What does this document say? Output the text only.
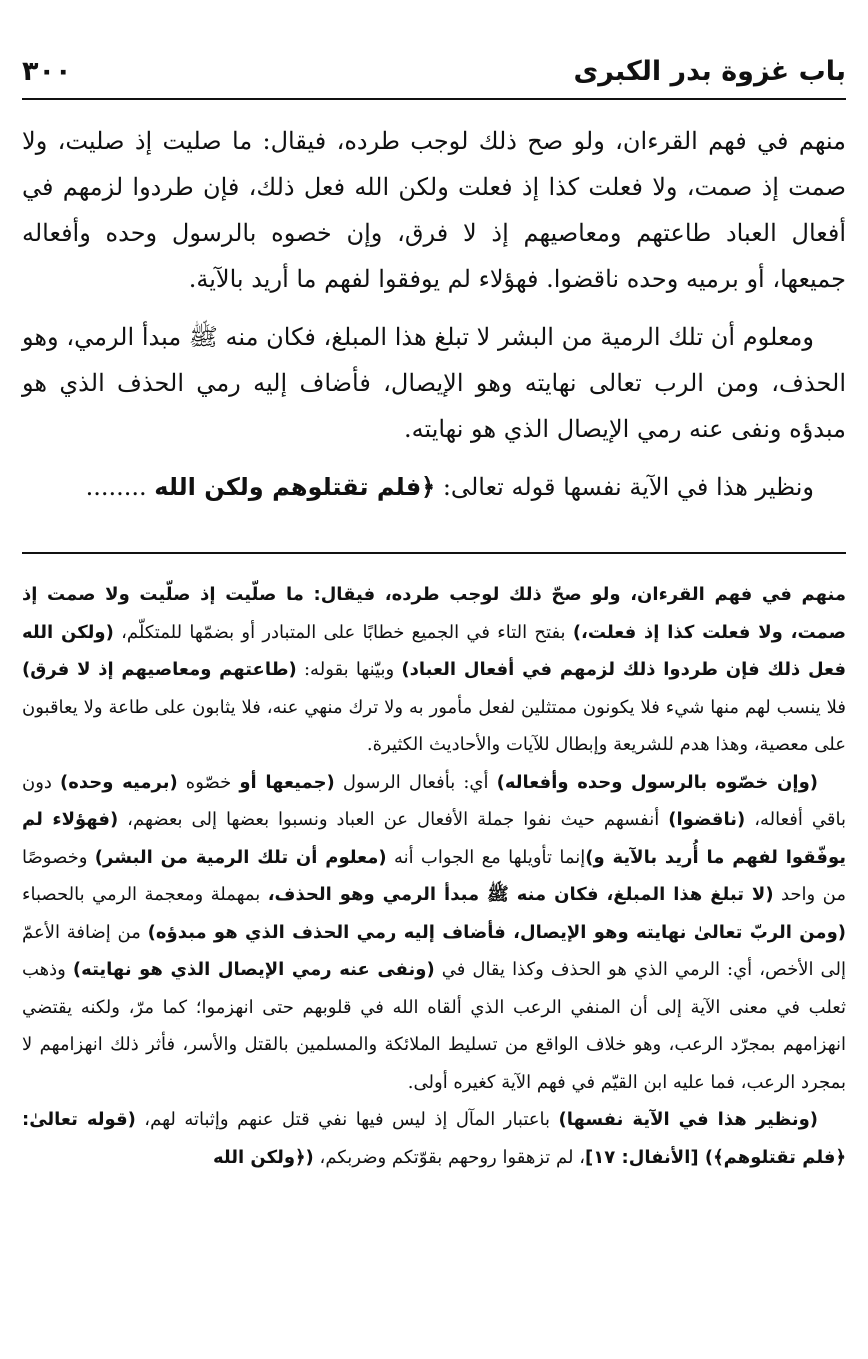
٣٠٠	باب غزوة بدر الكبرى

منهم في فهم القرءان، ولو صح ذلك لوجب طرده، فيقال: ما صليت إذ صليت، ولا صمت إذ صمت، ولا فعلت كذا إذ فعلت ولكن الله فعل ذلك، فإن طردوا لزمهم في أفعال العباد طاعتهم ومعاصيهم إذ لا فرق، وإن خصوه بالرسول وحده وأفعاله جميعها، أو برميه وحده ناقضوا. فهؤلاء لم يوفقوا لفهم ما أريد بالآية.

ومعلوم أن تلك الرمية من البشر لا تبلغ هذا المبلغ، فكان منه ﷺ مبدأ الرمي، وهو الحذف، ومن الرب تعالى نهايته وهو الإيصال، فأضاف إليه رمي الحذف الذي هو مبدؤه ونفى عنه رمي الإيصال الذي هو نهايته.

ونظير هذا في الآية نفسها قوله تعالى: ﴿فلم تقتلوهم ولكن الله ........

منهم في فهم القرءان، ولو صحّ ذلك لوجب طرده، فيقال: ما صلّيت إذ صلّيت ولا صمت إذ صمت، ولا فعلت كذا إذ فعلت،) بفتح التاء في الجميع خطابًا على المتبادر أو بضمّها للمتكلّم، (ولكن الله فعل ذلك فإن طردوا ذلك لزمهم في أفعال العباد) وبيّنها بقوله: (طاعتهم ومعاصيهم إذ لا فرق) فلا ينسب لهم منها شيء فلا يكونون ممتثلين لفعل مأمور به ولا ترك منهي عنه، فلا يثابون على طاعة ولا يعاقبون على معصية، وهذا هدم للشريعة وإبطال للآيات والأحاديث الكثيرة.

(وإن خصّوه بالرسول وحده وأفعاله) أي: بأفعال الرسول (جميعها أو خصّوه (برميه وحده) دون باقي أفعاله، (ناقضوا) أنفسهم حيث نفوا جملة الأفعال عن العباد ونسبوا بعضها إلى بعضهم، (فهؤلاء لم يوفّقوا لفهم ما أُريد بالآية و)إنما تأويلها مع الجواب أنه (معلوم أن تلك الرمية من البشر) وخصوصًا من واحد (لا تبلغ هذا المبلغ، فكان منه ﷺ مبدأ الرمي وهو الحذف، بمهملة ومعجمة الرمي بالحصباء (ومن الربّ تعالىٰ نهايته وهو الإيصال، فأضاف إليه رمي الحذف الذي هو مبدؤه) من إضافة الأعمّ إلى الأخص، أي: الرمي الذي هو الحذف وكذا يقال في (ونفى عنه رمي الإيصال الذي هو نهايته) وذهب ثعلب في معنى الآية إلى أن المنفي الرعب الذي ألقاه الله في قلوبهم حتى انهزموا؛ كما مرّ، ولكنه يقتضي انهزامهم بمجرّد الرعب، وهو خلاف الواقع من تسليط الملائكة والمسلمين بالقتل والأسر، فأثر ذلك انهزامهم لا بمجرد الرعب، فما عليه ابن القيّم في فهم الآية كغيره أولى.

(ونظير هذا في الآية نفسها) باعتبار المآل إذ ليس فيها نفي قتل عنهم وإثباته لهم، (قوله تعالىٰ: ﴿فلم تقتلوهم﴾) [الأنفال: ١٧]، لم تزهقوا روحهم بقوّتكم وضربكم، (﴿ولكن الله
